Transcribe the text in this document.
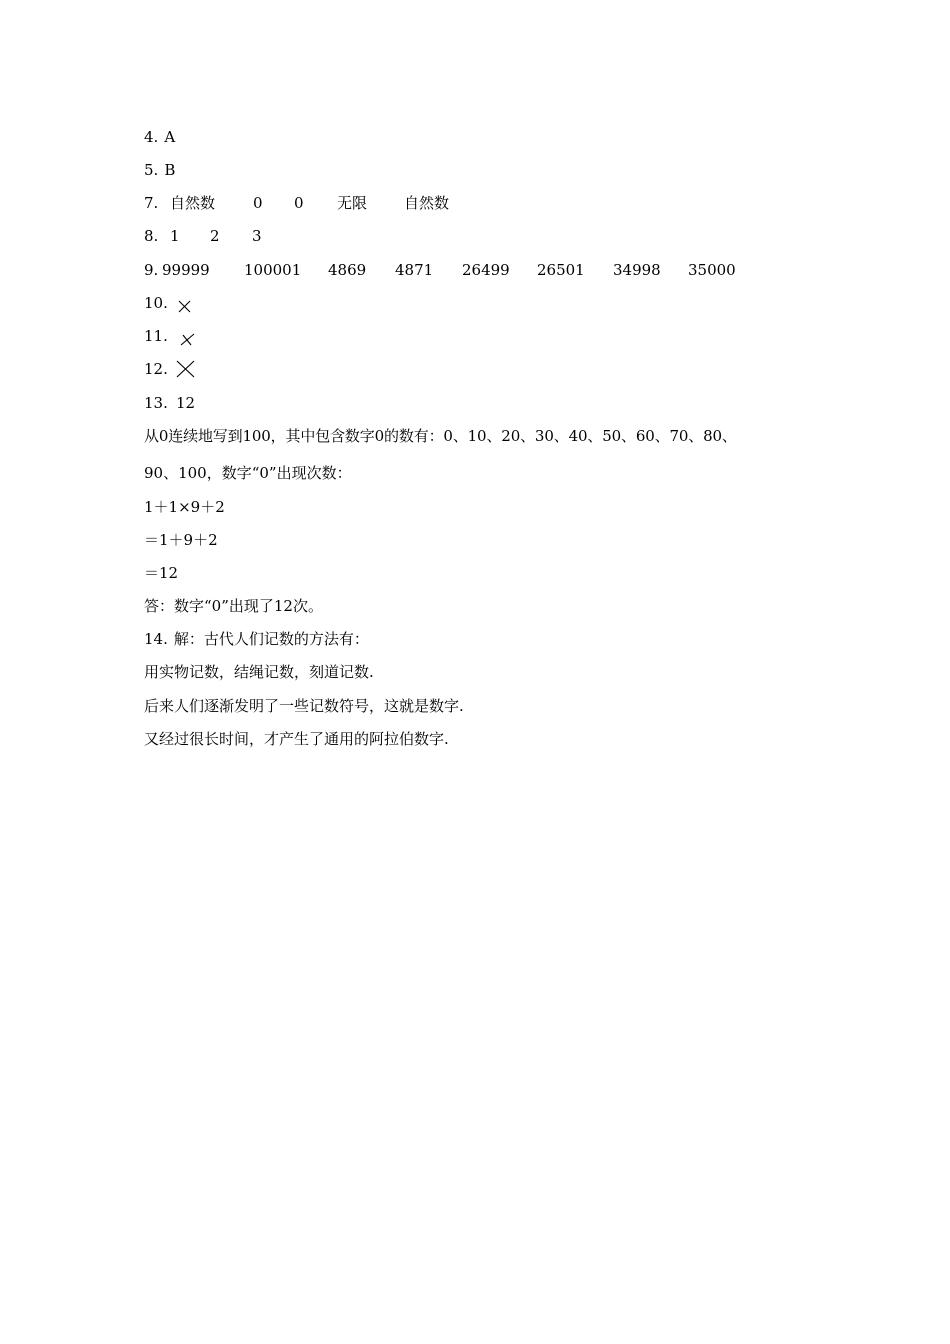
4. A
5. B
7. 自然数	0 0 无限 自然数
8. 1 2 3
9. 99999 100001 4869 4871 26499 26501 34998 35000
10.
11.
12.
13. 12
从0连续地写到100，其中包含数字0的数有：0、10、20、30、40、50、60、70、80、
90、100，数字“0”出现次数：
1＋1×9＋2
＝1＋9＋2
＝12
答：数字“0”出现了12次。
14. 解：古代人们记数的方法有：
用实物记数，结绳记数，刻道记数.
后来人们逐渐发明了一些记数符号，这就是数字.
又经过很长时间，才产生了通用的阿拉伯数字.
